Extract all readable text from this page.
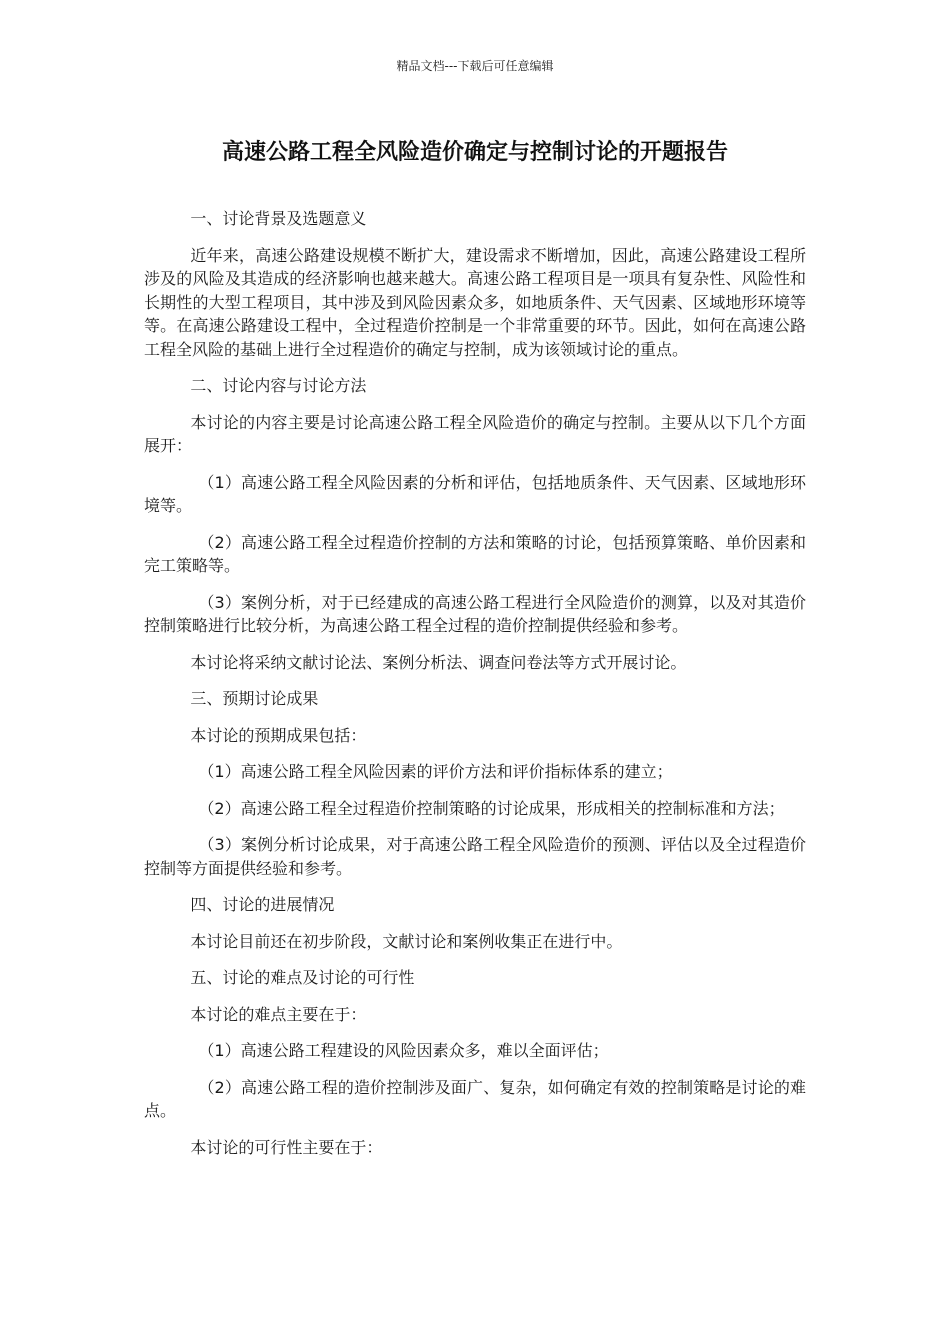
精品文档---下载后可任意编辑
高速公路工程全风险造价确定与控制讨论的开题报告

一、讨论背景及选题意义

近年来，高速公路建设规模不断扩大，建设需求不断增加，因此，高速公路建设工程所涉及的风险及其造成的经济影响也越来越大。高速公路工程项目是一项具有复杂性、风险性和长期性的大型工程项目，其中涉及到风险因素众多，如地质条件、天气因素、区域地形环境等等。在高速公路建设工程中，全过程造价控制是一个非常重要的环节。因此，如何在高速公路工程全风险的基础上进行全过程造价的确定与控制，成为该领域讨论的重点。

二、讨论内容与讨论方法

本讨论的内容主要是讨论高速公路工程全风险造价的确定与控制。主要从以下几个方面展开：

（1）高速公路工程全风险因素的分析和评估，包括地质条件、天气因素、区域地形环境等。

（2）高速公路工程全过程造价控制的方法和策略的讨论，包括预算策略、单价因素和完工策略等。

（3）案例分析，对于已经建成的高速公路工程进行全风险造价的测算，以及对其造价控制策略进行比较分析，为高速公路工程全过程的造价控制提供经验和参考。

本讨论将采纳文献讨论法、案例分析法、调查问卷法等方式开展讨论。

三、预期讨论成果

本讨论的预期成果包括：

（1）高速公路工程全风险因素的评价方法和评价指标体系的建立；

（2）高速公路工程全过程造价控制策略的讨论成果，形成相关的控制标准和方法；

（3）案例分析讨论成果，对于高速公路工程全风险造价的预测、评估以及全过程造价控制等方面提供经验和参考。

四、讨论的进展情况

本讨论目前还在初步阶段，文献讨论和案例收集正在进行中。

五、讨论的难点及讨论的可行性

本讨论的难点主要在于：

（1）高速公路工程建设的风险因素众多，难以全面评估；

（2）高速公路工程的造价控制涉及面广、复杂，如何确定有效的控制策略是讨论的难点。

本讨论的可行性主要在于：
